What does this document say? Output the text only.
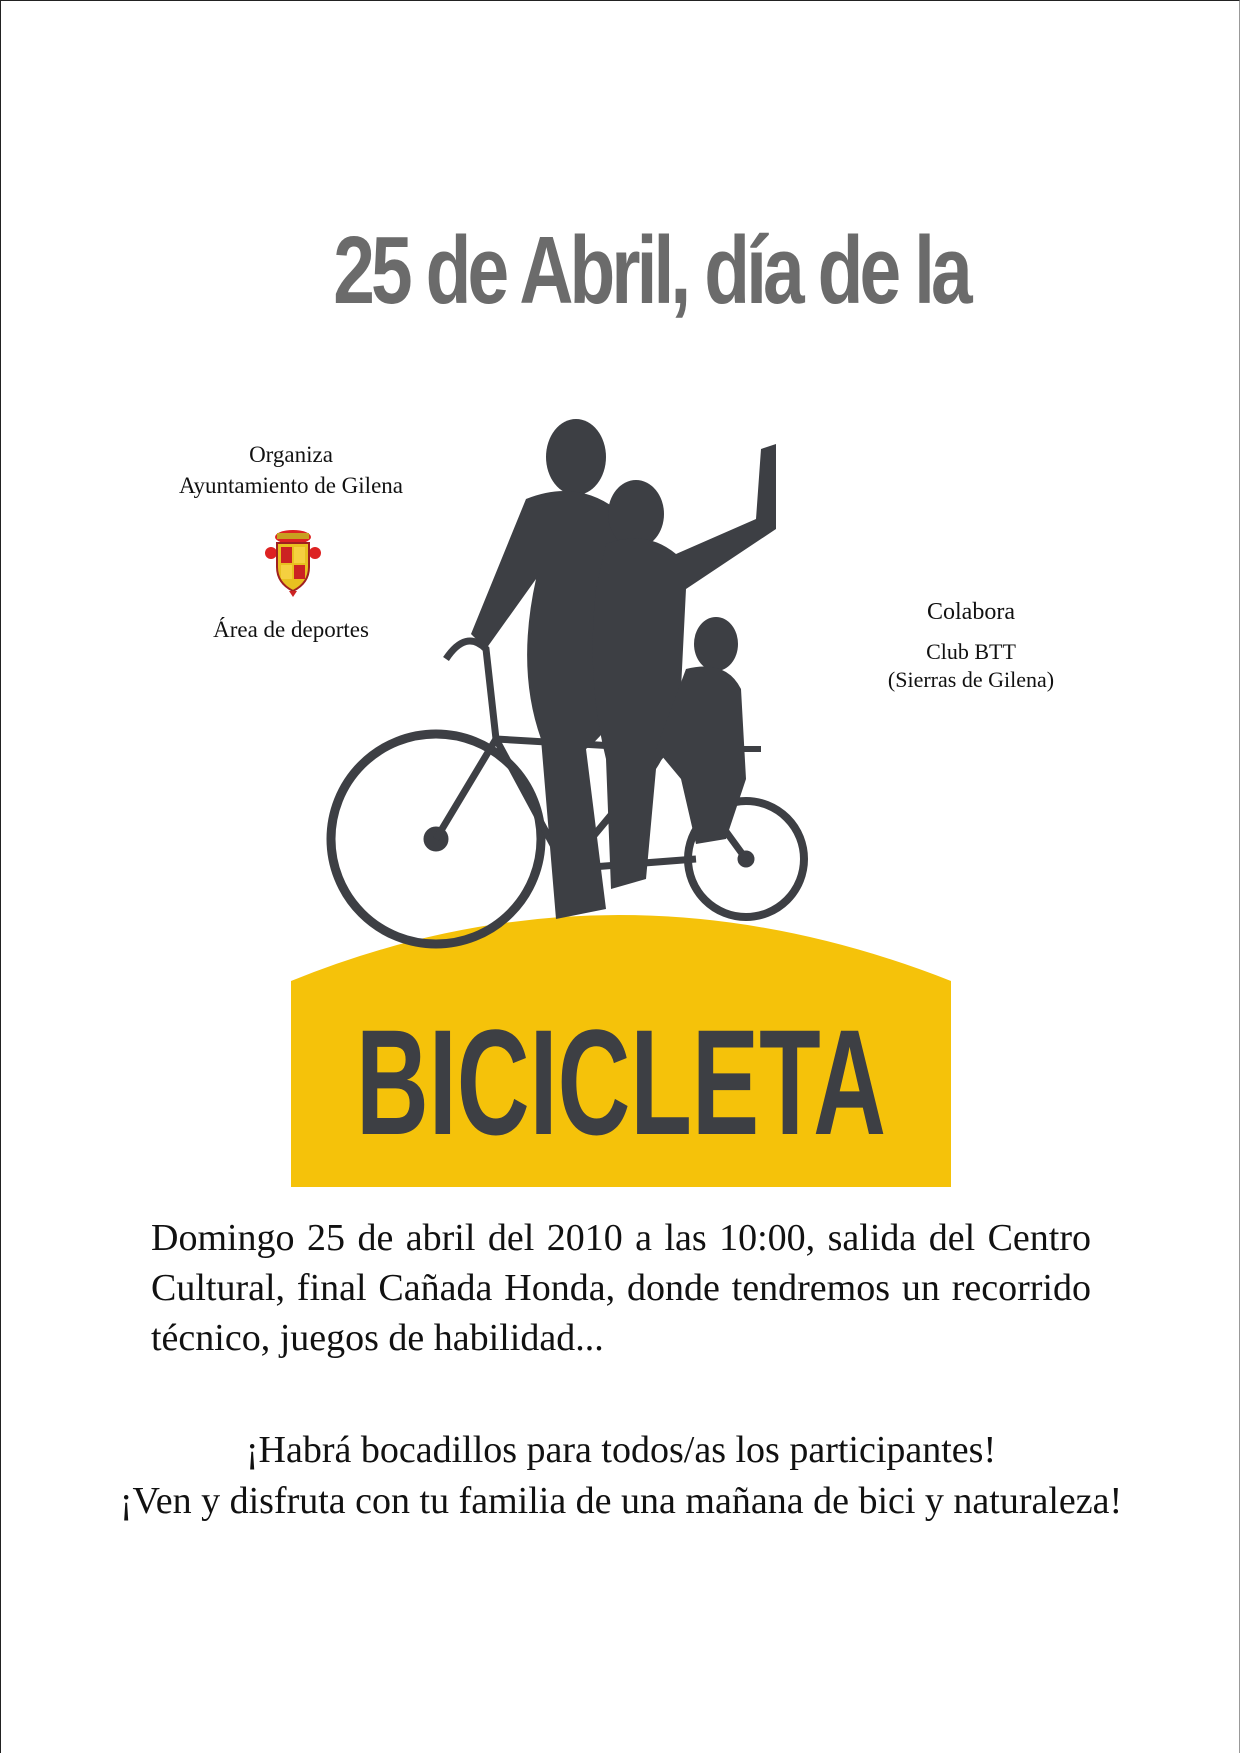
25 de Abril, día de la
Organiza
Ayuntamiento de Gilena
Área de deportes
Colabora
Club BTT
(Sierras de Gilena)
BICICLETA
Domingo 25 de abril del 2010 a las 10:00, salida del Centro Cultural, final Cañada Honda, donde tendremos un recorrido técnico, juegos de habilidad...
¡Habrá bocadillos para todos/as los participantes!
¡Ven y disfruta con tu familia de una mañana de bici y naturaleza!
